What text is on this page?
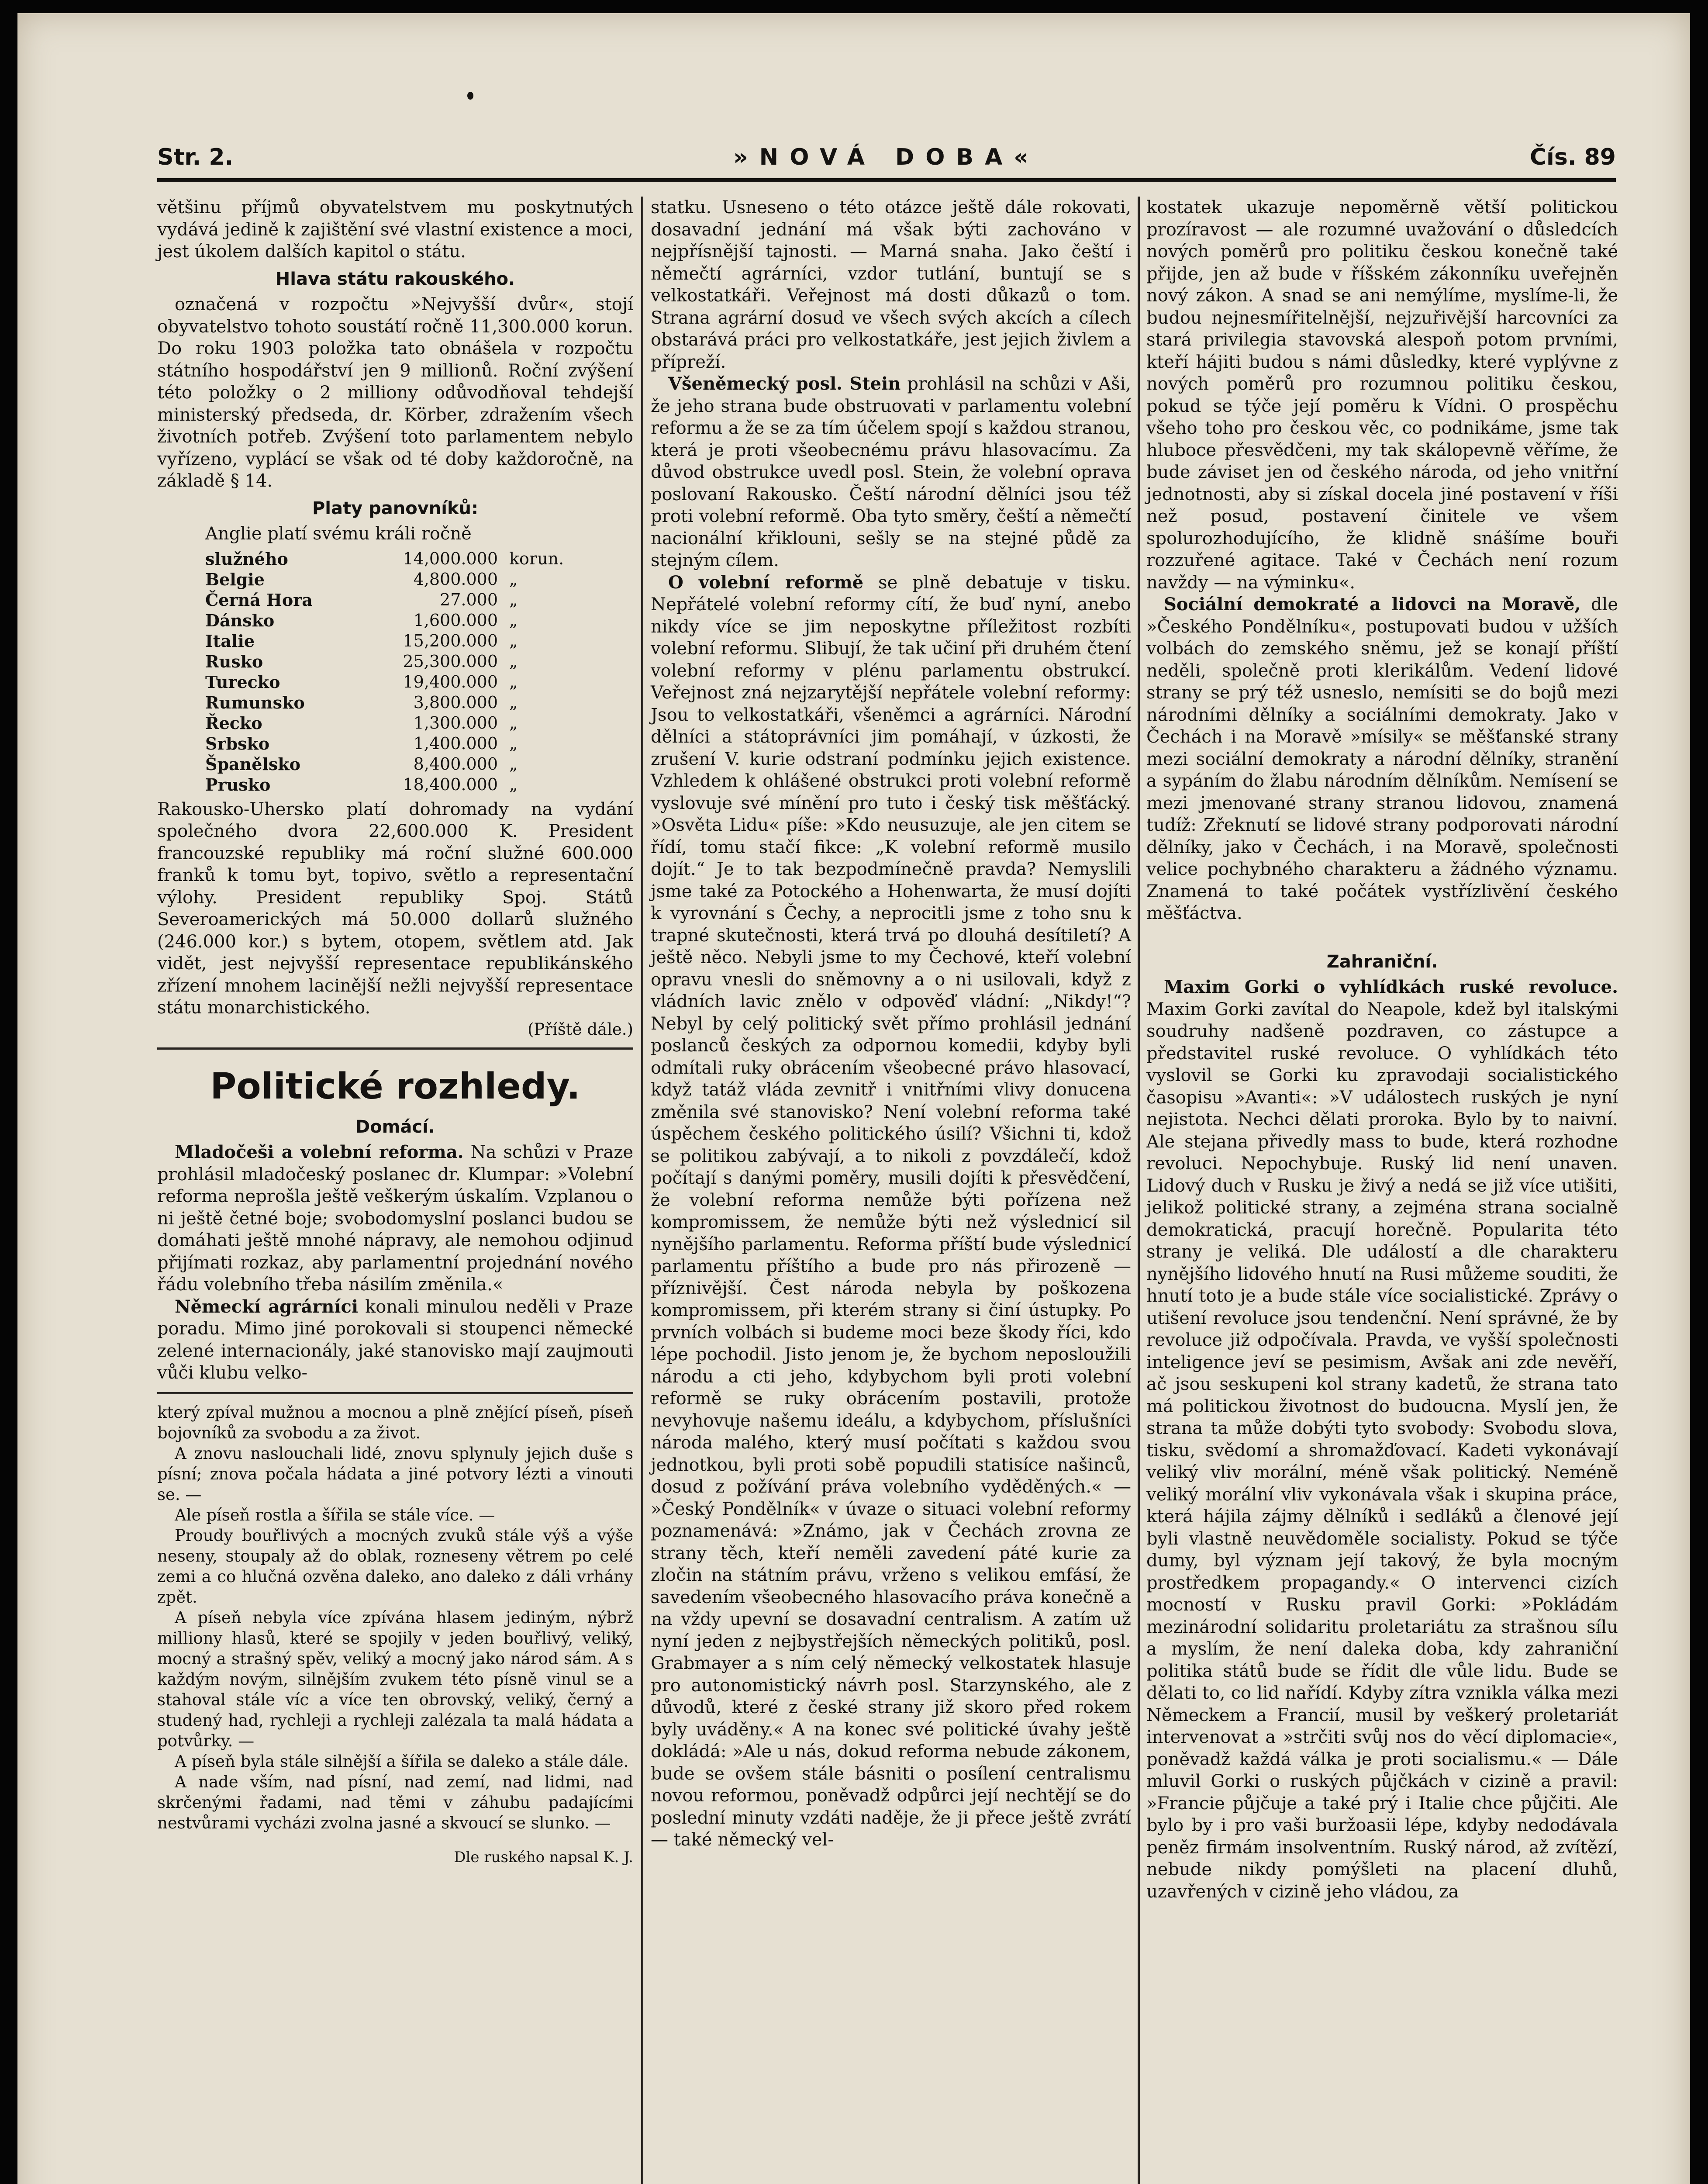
Str. 2.	»NOVÁ DOBA«	Čís. 89

většinu příjmů obyvatelstvem mu poskytnutých vydává jedině k zajištění své vlastní existence a moci, jest úkolem dalších kapitol o státu.

Hlava státu rakouského.

označená v rozpočtu »Nejvyšší dvůr«, stojí obyvatelstvo tohoto soustátí ročně 11,300.000 korun. Do roku 1903 položka tato obnášela v rozpočtu státního hospodářství jen 9 millionů. Roční zvýšení této položky o 2 milliony odůvodňoval tehdejší ministerský předseda, dr. Körber, zdražením všech životních potřeb. Zvýšení toto parlamentem nebylo vyřízeno, vyplácí se však od té doby každoročně, na základě § 14.

Platy panovníků:

Anglie platí svému králi ročně

služného	14,000.000 korun.
Belgie	4,800.000 „
Černá Hora	27.000 „
Dánsko	1,600.000 „
Italie	15,200.000 „
Rusko	25,300.000 „
Turecko	19,400.000 „
Rumunsko	3,800.000 „
Řecko	1,300.000 „
Srbsko	1,400.000 „
Španělsko	8,400.000 „
Prusko	18,400.000 „

Rakousko-Uhersko platí dohromady na vydání společného dvora 22,600.000 K. President francouzské republiky má roční služné 600.000 franků k tomu byt, topivo, světlo a representační výlohy. President republiky Spoj. Států Severoamerických má 50.000 dollarů služného (246.000 kor.) s bytem, otopem, světlem atd. Jak vidět, jest nejvyšší representace republikánského zřízení mnohem lacinější nežli nejvyšší representace státu monarchistického.

(Příště dále.)
Politické rozhledy.
Domácí.

Mladočeši a volební reforma. Na schůzi v Praze prohlásil mladočeský poslanec dr. Klumpar: »Volební reforma neprošla ještě veškerým úskalím. Vzplanou o ni ještě četné boje; svobodomyslní poslanci budou se domáhati ještě mnohé nápravy, ale nemohou odjinud přijímati rozkaz, aby parlamentní projednání nového řádu volebního třeba násilím změnila.«

Německí agrárníci konali minulou neděli v Praze poradu. Mimo jiné porokovali si stoupenci německé zelené internacionály, jaké stanovisko mají zaujmouti vůči klubu velko-

který zpíval mužnou a mocnou a plně znějící píseň, píseň bojovníků za svobodu a za život.

A znovu naslouchali lidé, znovu splynuly jejich duše s písní; znova počala hádata a jiné potvory lézti a vinouti se. —

Ale píseň rostla a šířila se stále více. —

Proudy bouřlivých a mocných zvuků stále výš a výše neseny, stoupaly až do oblak, rozneseny větrem po celé zemi a co hlučná ozvěna daleko, ano daleko z dáli vrhány zpět.

A píseň nebyla více zpívána hlasem jediným, nýbrž milliony hlasů, které se spojily v jeden bouřlivý, veliký, mocný a strašný spěv, veliký a mocný jako národ sám. A s každým novým, silnějším zvukem této písně vinul se a stahoval stále víc a více ten obrovský, veliký, černý a studený had, rychleji a rychleji zalézala ta malá hádata a potvůrky. —

A píseň byla stále silnější a šířila se daleko a stále dále.

A nade vším, nad písní, nad zemí, nad lidmi, nad skrčenými řadami, nad těmi v záhubu padajícími nestvůrami vycházi zvolna jasné a skvoucí se slunko. —

Dle ruského napsal K. J.

statku. Usneseno o této otázce ještě dále rokovati, dosavadní jednání má však býti zachováno v nejpřísnější tajnosti. — Marná snaha. Jako čeští i němečtí agrárníci, vzdor tutlání, buntují se s velkostatkáři. Veřejnost má dosti důkazů o tom. Strana agrární dosud ve všech svých akcích a cílech obstarává práci pro velkostatkáře, jest jejich živlem a přípreží.

Všeněmecký posl. Stein prohlásil na schůzi v Aši, že jeho strana bude obstruovati v parlamentu volební reformu a že se za tím účelem spojí s každou stranou, která je proti všeobecnému právu hlasovacímu. Za důvod obstrukce uvedl posl. Stein, že volební oprava poslovaní Rakousko. Čeští národní dělníci jsou též proti volební reformě. Oba tyto směry, čeští a němečtí nacionální křiklouni, sešly se na stejné půdě za stejným cílem.

O volební reformě se plně debatuje v tisku. Nepřátelé volební reformy cítí, že buď nyní, anebo nikdy více se jim neposkytne příležitost rozbíti volební reformu. Slibují, že tak učiní při druhém čtení volební reformy v plénu parlamentu obstrukcí. Veřejnost zná nejzarytější nepřátele volební reformy: Jsou to velkostatkáři, všeněmci a agrárníci. Národní dělníci a státoprávníci jim pomáhají, v úzkosti, že zrušení V. kurie odstraní podmínku jejich existence. Vzhledem k ohlášené obstrukci proti volební reformě vyslovuje své mínění pro tuto i český tisk měšťácký. »Osvěta Lidu« píše: »Kdo neusuzuje, ale jen citem se řídí, tomu stačí fikce: „K volební reformě musilo dojít.“ Je to tak bezpodmínečně pravda? Nemyslili jsme také za Potockého a Hohenwarta, že musí dojíti k vyrovnání s Čechy, a neprocitli jsme z toho snu k trapné skutečnosti, která trvá po dlouhá desítiletí? A ještě něco. Nebyli jsme to my Čechové, kteří volební opravu vnesli do sněmovny a o ni usilovali, když z vládních lavic znělo v odpověď vládní: „Nikdy!“? Nebyl by celý politický svět přímo prohlásil jednání poslanců českých za odpornou komedii, kdyby byli odmítali ruky obrácením všeobecné právo hlasovací, když tatáž vláda zevnitř i vnitřními vlivy donucena změnila své stanovisko? Není volební reforma také úspěchem českého politického úsilí? Všichni ti, kdož se politikou zabývají, a to nikoli z povzdálečí, kdož počítají s danými poměry, musili dojíti k přesvědčení, že volební reforma nemůže býti pořízena než kompromissem, že nemůže býti než výslednicí sil nynějšího parlamentu. Reforma příští bude výslednicí parlamentu příštího a bude pro nás přirozeně — příznivější. Čest národa nebyla by poškozena kompromissem, při kterém strany si činí ústupky. Po prvních volbách si budeme moci beze škody říci, kdo lépe pochodil. Jisto jenom je, že bychom neposloužili národu a cti jeho, kdybychom byli proti volební reformě se ruky obrácením postavili, protože nevyhovuje našemu ideálu, a kdybychom, příslušníci národa malého, který musí počítati s každou svou jednotkou, byli proti sobě popudili statisíce našinců, dosud z požívání práva volebního vyděděných.« — »Český Pondělník« v úvaze o situaci volební reformy poznamenává: »Známo, jak v Čechách zrovna ze strany těch, kteří neměli zavedení páté kurie za zločin na státním právu, vrženo s velikou emfásí, že savedením všeobecného hlasovacího práva konečně a na vždy upevní se dosavadní centralism. A zatím už nyní jeden z nejbystřejších německých politiků, posl. Grabmayer a s ním celý německý velkostatek hlasuje pro autonomistický návrh posl. Starzynského, ale z důvodů, které z české strany již skoro před rokem byly uváděny.« A na konec své politické úvahy ještě dokládá: »Ale u nás, dokud reforma nebude zákonem, bude se ovšem stále básniti o posílení centralismu novou reformou, poněvadž odpůrci její nechtějí se do poslední minuty vzdáti naděje, že ji přece ještě zvrátí — také německý vel-

kostatek ukazuje nepoměrně větší politickou prozíravost — ale rozumné uvažování o důsledcích nových poměrů pro politiku českou konečně také přijde, jen až bude v říšském zákonníku uveřejněn nový zákon. A snad se ani nemýlíme, myslíme-li, že budou nejnesmířitelnější, nejzuřivější harcovníci za stará privilegia stavovská alespoň potom prvními, kteří hájiti budou s námi důsledky, které vyplývne z nových poměrů pro rozumnou politiku českou, pokud se týče její poměru k Vídni. O prospěchu všeho toho pro českou věc, co podnikáme, jsme tak hluboce přesvědčeni, my tak skálopevně věříme, že bude záviset jen od českého národa, od jeho vnitřní jednotnosti, aby si získal docela jiné postavení v říši než posud, postavení činitele ve všem spolurozhodujícího, že klidně snášíme bouři rozzuřené agitace. Také v Čechách není rozum navždy — na výminku«.

Sociální demokraté a lidovci na Moravě, dle »Českého Pondělníku«, postupovati budou v užších volbách do zemského sněmu, jež se konají příští neděli, společně proti klerikálům. Vedení lidové strany se prý též usneslo, nemísiti se do bojů mezi národními dělníky a sociálními demokraty. Jako v Čechách i na Moravě »mísily« se měšťanské strany mezi sociální demokraty a národní dělníky, stranění a sypáním do žlabu národním dělníkům. Nemísení se mezi jmenované strany stranou lidovou, znamená tudíž: Zřeknutí se lidové strany podporovati národní dělníky, jako v Čechách, i na Moravě, společnosti velice pochybného charakteru a žádného významu. Znamená to také počátek vystřízlivění českého měšťáctva.

Zahraniční.

Maxim Gorki o vyhlídkách ruské revoluce. Maxim Gorki zavítal do Neapole, kdež byl italskými soudruhy nadšeně pozdraven, co zástupce a představitel ruské revoluce. O vyhlídkách této vyslovil se Gorki ku zpravodaji socialistického časopisu »Avanti«: »V událostech ruských je nyní nejistota. Nechci dělati proroka. Bylo by to naivní. Ale stejana přivedly mass to bude, která rozhodne revoluci. Nepochybuje. Ruský lid není unaven. Lidový duch v Rusku je živý a nedá se již více utišiti, jelikož politické strany, a zejména strana socialně demokratická, pracují horečně. Popularita této strany je veliká. Dle událostí a dle charakteru nynějšího lidového hnutí na Rusi můžeme souditi, že hnutí toto je a bude stále více socialistické. Zprávy o utišení revoluce jsou tendenční. Není správné, že by revoluce již odpočívala. Pravda, ve vyšší společnosti inteligence jeví se pesimism, Avšak ani zde nevěří, ač jsou seskupeni kol strany kadetů, že strana tato má politickou životnost do budoucna. Myslí jen, že strana ta může dobýti tyto svobody: Svobodu slova, tisku, svědomí a shromažďovací. Kadeti vykonávají veliký vliv morální, méně však politický. Neméně veliký morální vliv vykonávala však i skupina práce, která hájila zájmy dělníků i sedláků a členové její byli vlastně neuvědoměle socialisty. Pokud se týče dumy, byl význam její takový, že byla mocným prostředkem propagandy.« O intervenci cizích mocností v Rusku pravil Gorki: »Pokládám mezinárodní solidaritu proletariátu za strašnou sílu a myslím, že není daleka doba, kdy zahraniční politika států bude se řídit dle vůle lidu. Bude se dělati to, co lid nařídí. Kdyby zítra vznikla válka mezi Německem a Francií, musil by veškerý proletariát intervenovat a »strčiti svůj nos do věcí diplomacie«, poněvadž každá válka je proti socialismu.« — Dále mluvil Gorki o ruských půjčkách v cizině a pravil: »Francie půjčuje a také prý i Italie chce půjčiti. Ale bylo by i pro vaši buržoasii lépe, kdyby nedodávala peněz firmám insolventním. Ruský národ, až zvítězí, nebude nikdy pomýšleti na placení dluhů, uzavřených v cizině jeho vládou, za
